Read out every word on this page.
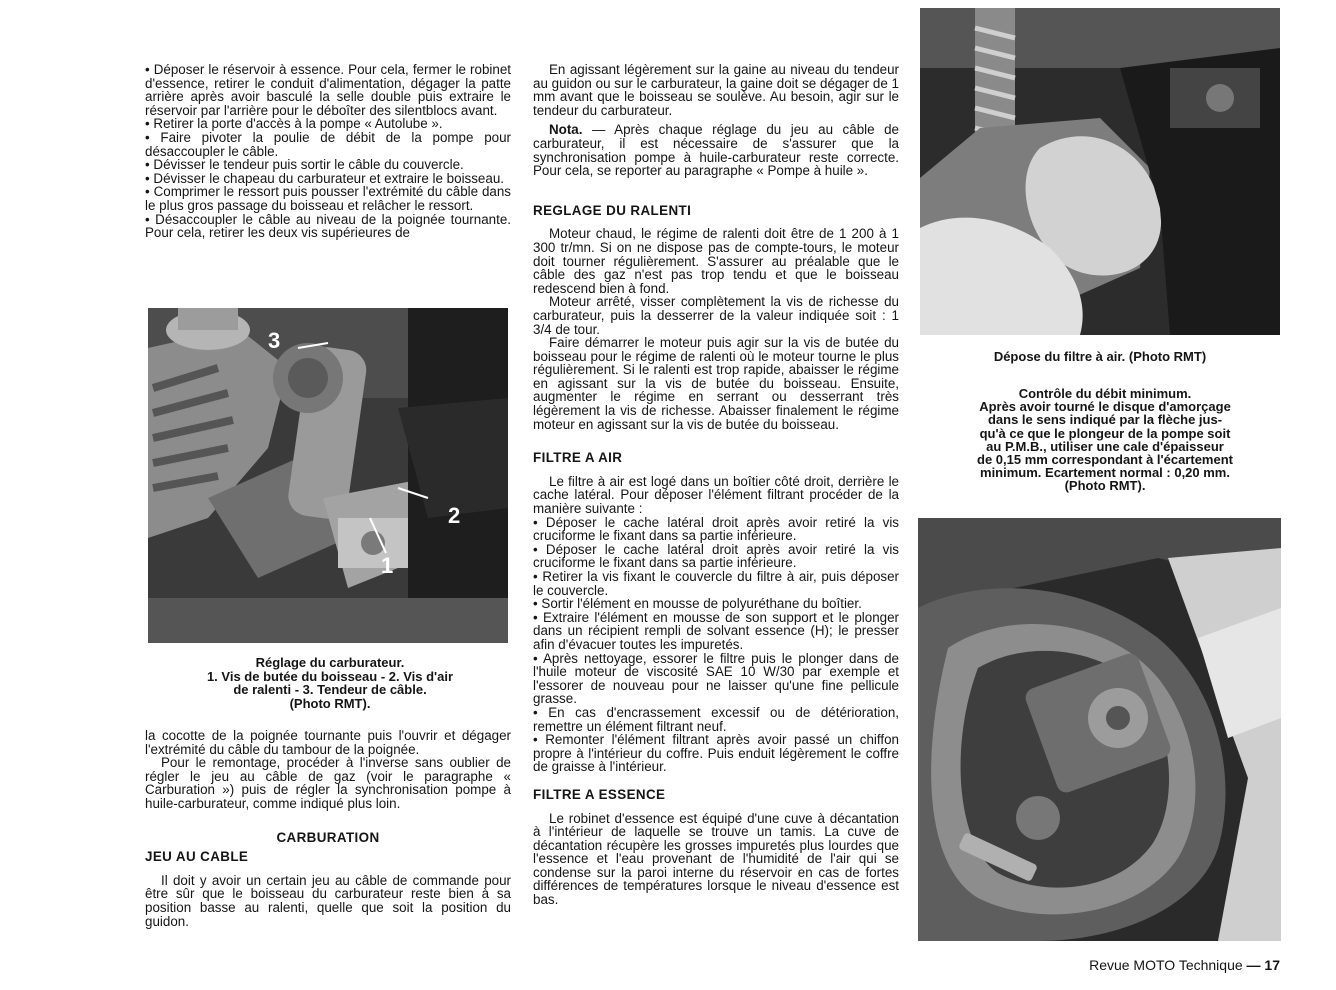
• Déposer le réservoir à essence. Pour cela, fermer le robinet d'essence, retirer le conduit d'alimentation, dégager la patte arrière après avoir basculé la selle double puis extraire le réservoir par l'arrière pour le déboîter des silentblocs avant.

• Retirer la porte d'accès à la pompe « Autolube ».

• Faire pivoter la poulie de débit de la pompe pour désaccoupler le câble.

• Dévisser le tendeur puis sortir le câble du couvercle.

• Dévisser le chapeau du carburateur et extraire le boisseau.

• Comprimer le ressort puis pousser l'extrémité du câble dans le plus gros passage du boisseau et relâcher le ressort.

• Désaccoupler le câble au niveau de la poignée tournante. Pour cela, retirer les deux vis supérieures de

3
2
1
Réglage du carburateur.
1. Vis de butée du boisseau - 2. Vis d'air
de ralenti - 3. Tendeur de câble.
(Photo RMT).

la cocotte de la poignée tournante puis l'ouvrir et dégager l'extrémité du câble du tambour de la poignée.

Pour le remontage, procéder à l'inverse sans oublier de régler le jeu au câble de gaz (voir le paragraphe « Carburation ») puis de régler la synchronisation pompe à huile-carburateur, comme indiqué plus loin.

CARBURATION

JEU AU CABLE

Il doit y avoir un certain jeu au câble de commande pour être sûr que le boisseau du carburateur reste bien à sa position basse au ralenti, quelle que soit la position du guidon.

En agissant légèrement sur la gaine au niveau du tendeur au guidon ou sur le carburateur, la gaine doit se dégager de 1 mm avant que le boisseau se soulève. Au besoin, agir sur le tendeur du carburateur.

Nota. — Après chaque réglage du jeu au câble de carburateur, il est nécessaire de s'assurer que la synchronisation pompe à huile-carburateur reste correcte. Pour cela, se reporter au paragraphe « Pompe à huile ».

REGLAGE DU RALENTI

Moteur chaud, le régime de ralenti doit être de 1 200 à 1 300 tr/mn. Si on ne dispose pas de compte-tours, le moteur doit tourner régulièrement. S'assurer au préalable que le câble des gaz n'est pas trop tendu et que le boisseau redescend bien à fond.

Moteur arrêté, visser complètement la vis de richesse du carburateur, puis la desserrer de la valeur indiquée soit : 1 3/4 de tour.

Faire démarrer le moteur puis agir sur la vis de butée du boisseau pour le régime de ralenti où le moteur tourne le plus régulièrement. Si le ralenti est trop rapide, abaisser le régime en agissant sur la vis de butée du boisseau. Ensuite, augmenter le régime en serrant ou desserrant très légèrement la vis de richesse. Abaisser finalement le régime moteur en agissant sur la vis de butée du boisseau.

FILTRE A AIR

Le filtre à air est logé dans un boîtier côté droit, derrière le cache latéral. Pour déposer l'élément filtrant procéder de la manière suivante :

• Déposer le cache latéral droit après avoir retiré la vis cruciforme le fixant dans sa partie inférieure.

• Déposer le cache latéral droit après avoir retiré la vis cruciforme le fixant dans sa partie inférieure.

• Retirer la vis fixant le couvercle du filtre à air, puis déposer le couvercle.

• Sortir l'élément en mousse de polyuréthane du boîtier.

• Extraire l'élément en mousse de son support et le plonger dans un récipient rempli de solvant essence (H); le presser afin d'évacuer toutes les impuretés.

• Après nettoyage, essorer le filtre puis le plonger dans de l'huile moteur de viscosité SAE 10 W/30 par exemple et l'essorer de nouveau pour ne laisser qu'une fine pellicule grasse.

• En cas d'encrassement excessif ou de détérioration, remettre un élément filtrant neuf.

• Remonter l'élément filtrant après avoir passé un chiffon propre à l'intérieur du coffre. Puis enduit légèrement le coffre de graisse à l'intérieur.

FILTRE A ESSENCE

Le robinet d'essence est équipé d'une cuve à décantation à l'intérieur de laquelle se trouve un tamis. La cuve de décantation récupère les grosses impuretés plus lourdes que l'essence et l'eau provenant de l'humidité de l'air qui se condense sur la paroi interne du réservoir en cas de fortes différences de températures lorsque le niveau d'essence est bas.

Dépose du filtre à air. (Photo RMT)
Contrôle du débit minimum.
Après avoir tourné le disque d'amorçage
dans le sens indiqué par la flèche jus-
qu'à ce que le plongeur de la pompe soit
au P.M.B., utiliser une cale d'épaisseur
de 0,15 mm correspondant à l'écartement
minimum. Ecartement normal : 0,20 mm.
(Photo RMT).
Revue MOTO Technique — 17
